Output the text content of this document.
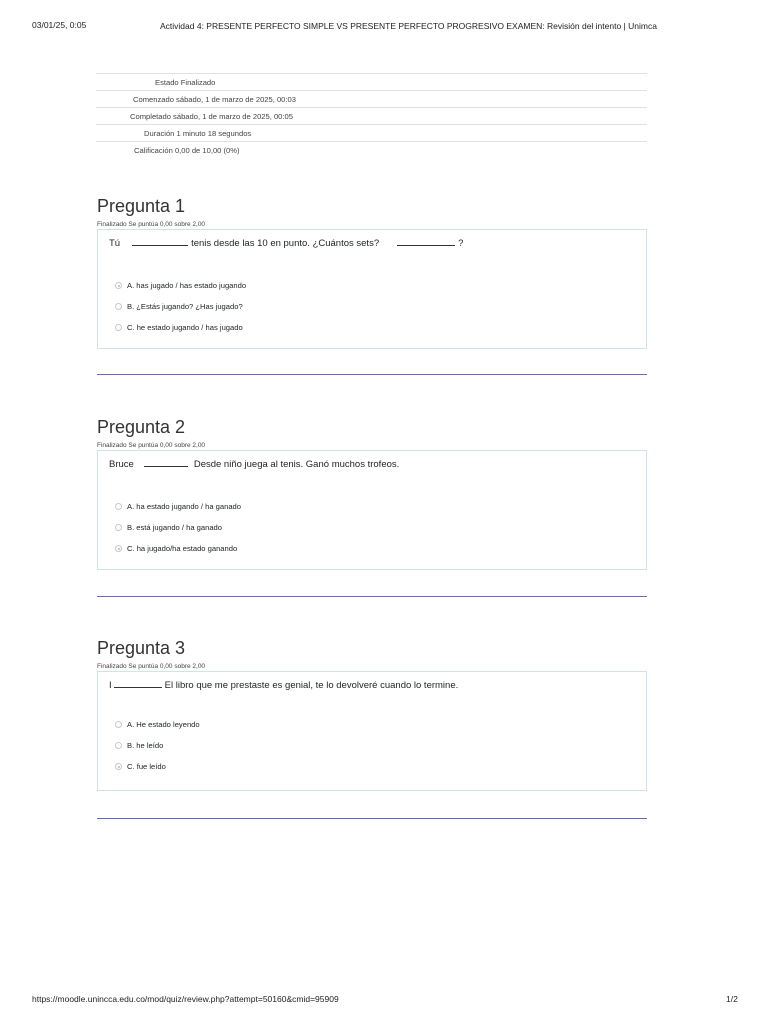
03/01/25, 0:05	Actividad 4: PRESENTE PERFECTO SIMPLE VS PRESENTE PERFECTO PROGRESIVO EXAMEN: Revisión del intento | Unimca
Estado Finalizado
Comenzado sábado, 1 de marzo de 2025, 00:03
Completado sábado, 1 de marzo de 2025, 00:05
Duración 1 minuto 18 segundos
Calificación 0,00 de 10,00 (0%)
Pregunta 1
Finalizado Se puntúa 0,00 sobre 2,00
Tú	tenis desde las 10 en punto. ¿Cuántos sets?	?
A. has jugado / has estado jugando
B. ¿Estás jugando? ¿Has jugado?
C. he estado jugando / has jugado
Pregunta 2
Finalizado Se puntúa 0,00 sobre 2,00
Bruce	Desde niño juega al tenis. Ganó muchos trofeos.
A. ha estado jugando / ha ganado
B. está jugando / ha ganado
C. ha jugado/ha estado ganando
Pregunta 3
Finalizado Se puntúa 0,00 sobre 2,00
I	El libro que me prestaste es genial, te lo devolveré cuando lo termine.
A. He estado leyendo
B. he leído
C. fue leído
https://moodle.unincca.edu.co/mod/quiz/review.php?attempt=50160&cmid=95909	1/2
